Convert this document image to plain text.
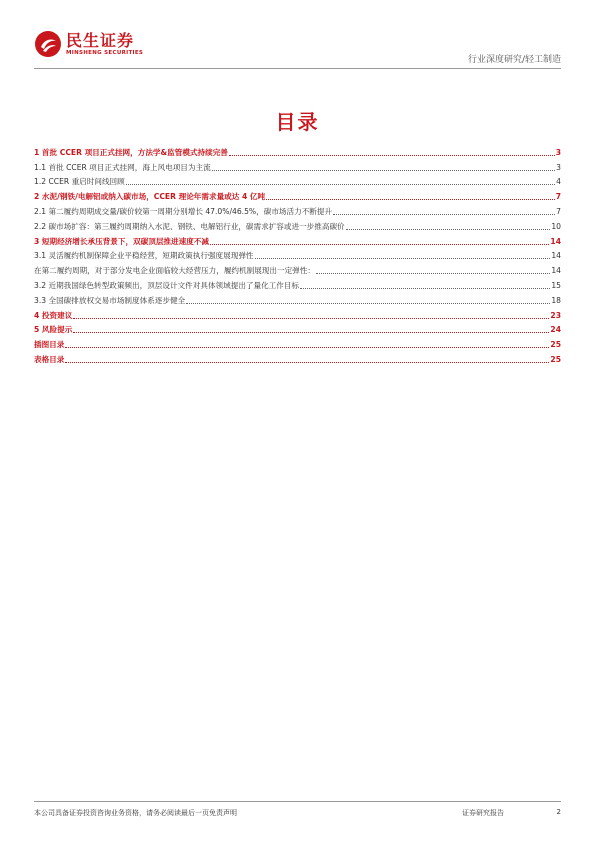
民生证券
MINSHENG SECURITIES
行业深度研究/轻工制造
目录
1 首批 CCER 项目正式挂网，方法学&监管模式持续完善	3
1.1 首批 CCER 项目正式挂网，海上风电项目为主流	3
1.2 CCER 重启时间线回顾	4
2 水泥/钢铁/电解铝或纳入碳市场，CCER 理论年需求量或达 4 亿吨	7
2.1 第二履约周期成交量/碳价较第一周期分别增长 47.0%/46.5%，碳市场活力不断提升	7
2.2 碳市场扩容：第三履约周期纳入水泥、钢铁、电解铝行业，碳需求扩容或进一步推高碳价	10
3 短期经济增长承压背景下，双碳顶层推进速度不减	14
3.1 灵活履约机制保障企业平稳经营，短期政策执行强度展现弹性	14
在第二履约周期，对于部分发电企业面临较大经营压力，履约机制展现出一定弹性：	14
3.2 近期我国绿色转型政策频出，顶层设计文件对具体领域提出了量化工作目标	15
3.3 全国碳排放权交易市场制度体系逐步健全	18
4 投资建议	23
5 风险提示	24
插图目录	25
表格目录	25
本公司具备证券投资咨询业务资格，请务必阅读最后一页免责声明	证券研究报告	2
